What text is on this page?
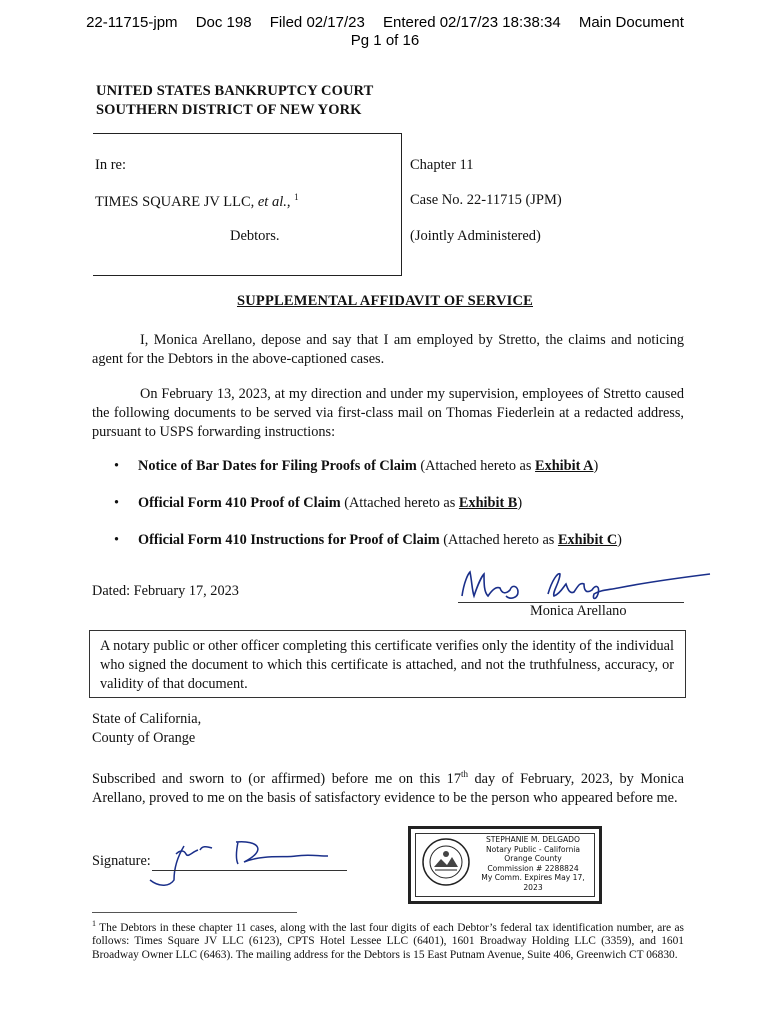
22-11715-jpm Doc 198 Filed 02/17/23 Entered 02/17/23 18:38:34 Main Document
Pg 1 of 16
UNITED STATES BANKRUPTCY COURT
SOUTHERN DISTRICT OF NEW YORK
In re:
TIMES SQUARE JV LLC, et al., $^1$
Debtors.
Chapter 11
Case No. 22-11715 (JPM)
(Jointly Administered)
SUPPLEMENTAL AFFIDAVIT OF SERVICE
I, Monica Arellano, depose and say that I am employed by Stretto, the claims and noticing agent for the Debtors in the above-captioned cases.
On February 13, 2023, at my direction and under my supervision, employees of Stretto caused the following documents to be served via first-class mail on Thomas Fiederlein at a redacted address, pursuant to USPS forwarding instructions:
• Notice of Bar Dates for Filing Proofs of Claim (Attached hereto as Exhibit A)
• Official Form 410 Proof of Claim (Attached hereto as Exhibit B)
• Official Form 410 Instructions for Proof of Claim (Attached hereto as Exhibit C)
Dated: February 17, 2023
Monica Arellano
A notary public or other officer completing this certificate verifies only the identity of the individual who signed the document to which this certificate is attached, and not the truthfulness, accuracy, or validity of that document.
State of California,
County of Orange
Subscribed and sworn to (or affirmed) before me on this 17th day of February, 2023, by Monica Arellano, proved to me on the basis of satisfactory evidence to be the person who appeared before me.
Signature:
STEPHANIE M. DELGADO
Notary Public - California
Orange County
Commission # 2288824
My Comm. Expires May 17, 2023
$^1$ The Debtors in these chapter 11 cases, along with the last four digits of each Debtor’s federal tax identification number, are as follows: Times Square JV LLC (6123), CPTS Hotel Lessee LLC (6401), 1601 Broadway Holding LLC (3359), and 1601 Broadway Owner LLC (6463). The mailing address for the Debtors is 15 East Putnam Avenue, Suite 406, Greenwich CT 06830.
